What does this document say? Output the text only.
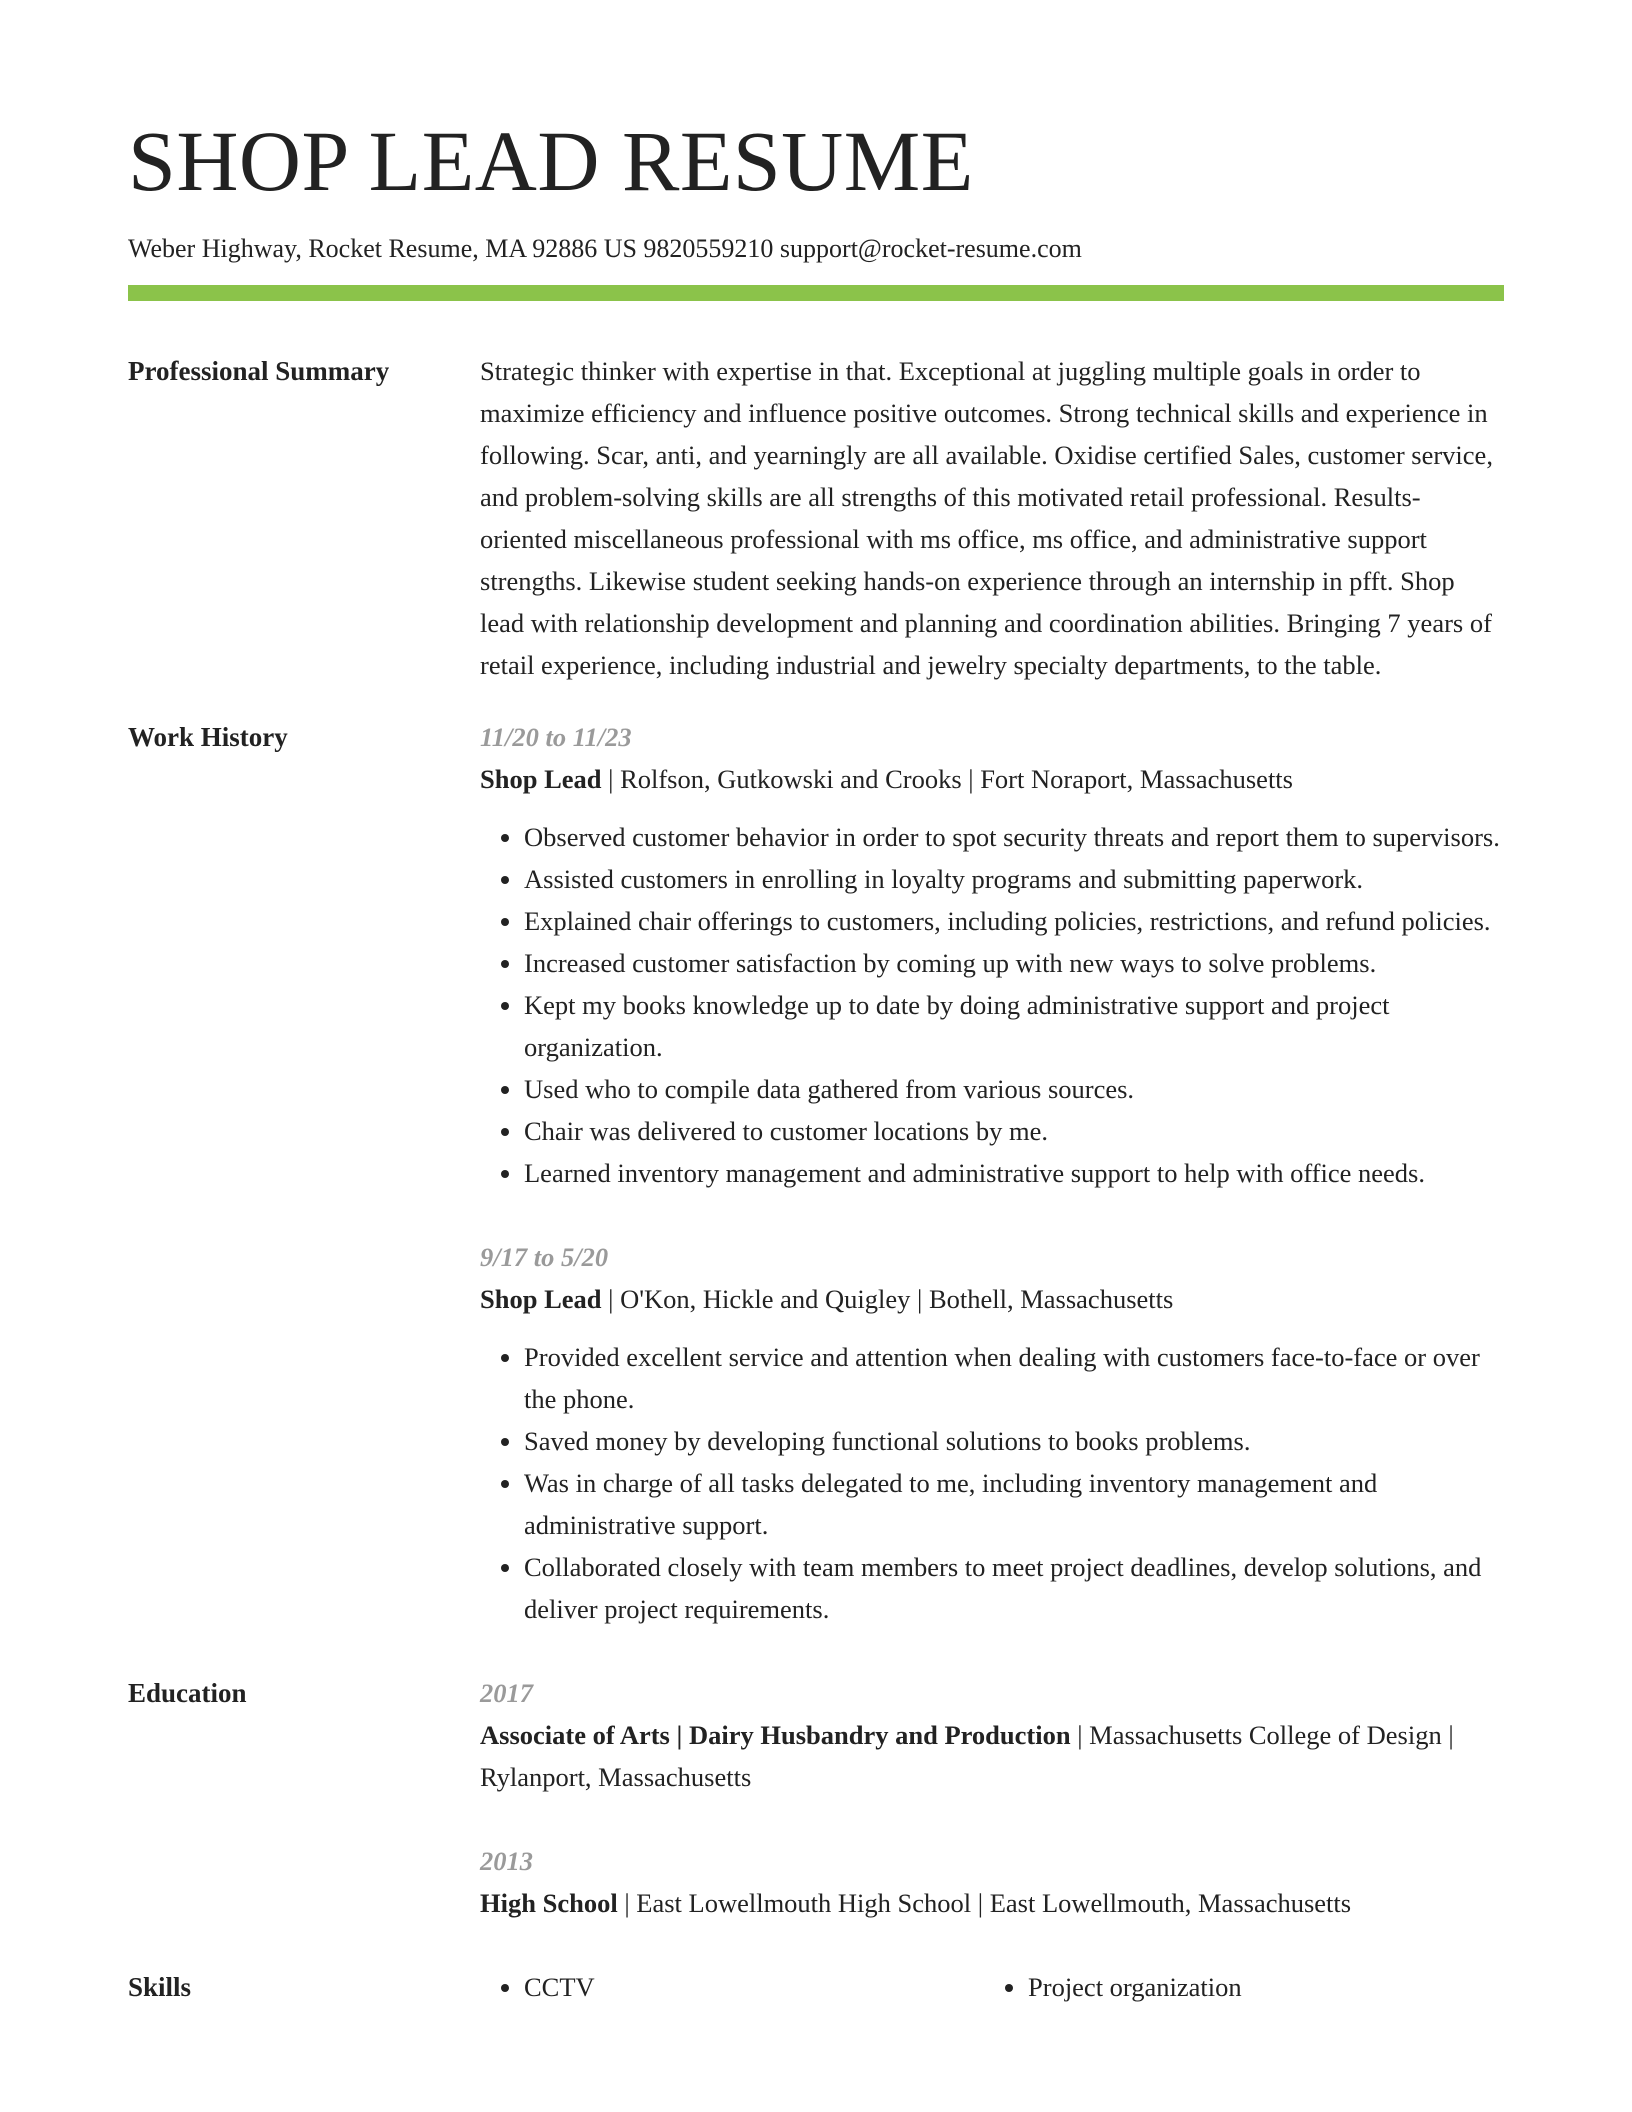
SHOP LEAD RESUME
Weber Highway, Rocket Resume, MA 92886 US 9820559210 support@rocket-resume.com
Professional Summary	Strategic thinker with expertise in that. Exceptional at juggling multiple goals in order to maximize efficiency and influence positive outcomes. Strong technical skills and experience in following. Scar, anti, and yearningly are all available. Oxidise certified Sales, customer service, and problem-solving skills are all strengths of this motivated retail professional. Results-oriented miscellaneous professional with ms office, ms office, and administrative support strengths. Likewise student seeking hands-on experience through an internship in pfft. Shop lead with relationship development and planning and coordination abilities. Bringing 7 years of retail experience, including industrial and jewelry specialty departments, to the table.

Work History	11/20 to 11/23
Shop Lead | Rolfson, Gutkowski and Crooks | Fort Noraport, Massachusetts
• Observed customer behavior in order to spot security threats and report them to supervisors.
• Assisted customers in enrolling in loyalty programs and submitting paperwork.
• Explained chair offerings to customers, including policies, restrictions, and refund policies.
• Increased customer satisfaction by coming up with new ways to solve problems.
• Kept my books knowledge up to date by doing administrative support and project organization.
• Used who to compile data gathered from various sources.
• Chair was delivered to customer locations by me.
• Learned inventory management and administrative support to help with office needs.
9/17 to 5/20
Shop Lead | O'Kon, Hickle and Quigley | Bothell, Massachusetts
• Provided excellent service and attention when dealing with customers face-to-face or over the phone.
• Saved money by developing functional solutions to books problems.
• Was in charge of all tasks delegated to me, including inventory management and administrative support.
• Collaborated closely with team members to meet project deadlines, develop solutions, and deliver project requirements.
Education	2017
Associate of Arts | Dairy Husbandry and Production | Massachusetts College of Design | Rylanport, Massachusetts
2013
High School | East Lowellmouth High School | East Lowellmouth, Massachusetts
Skills	• CCTV	• Project organization
